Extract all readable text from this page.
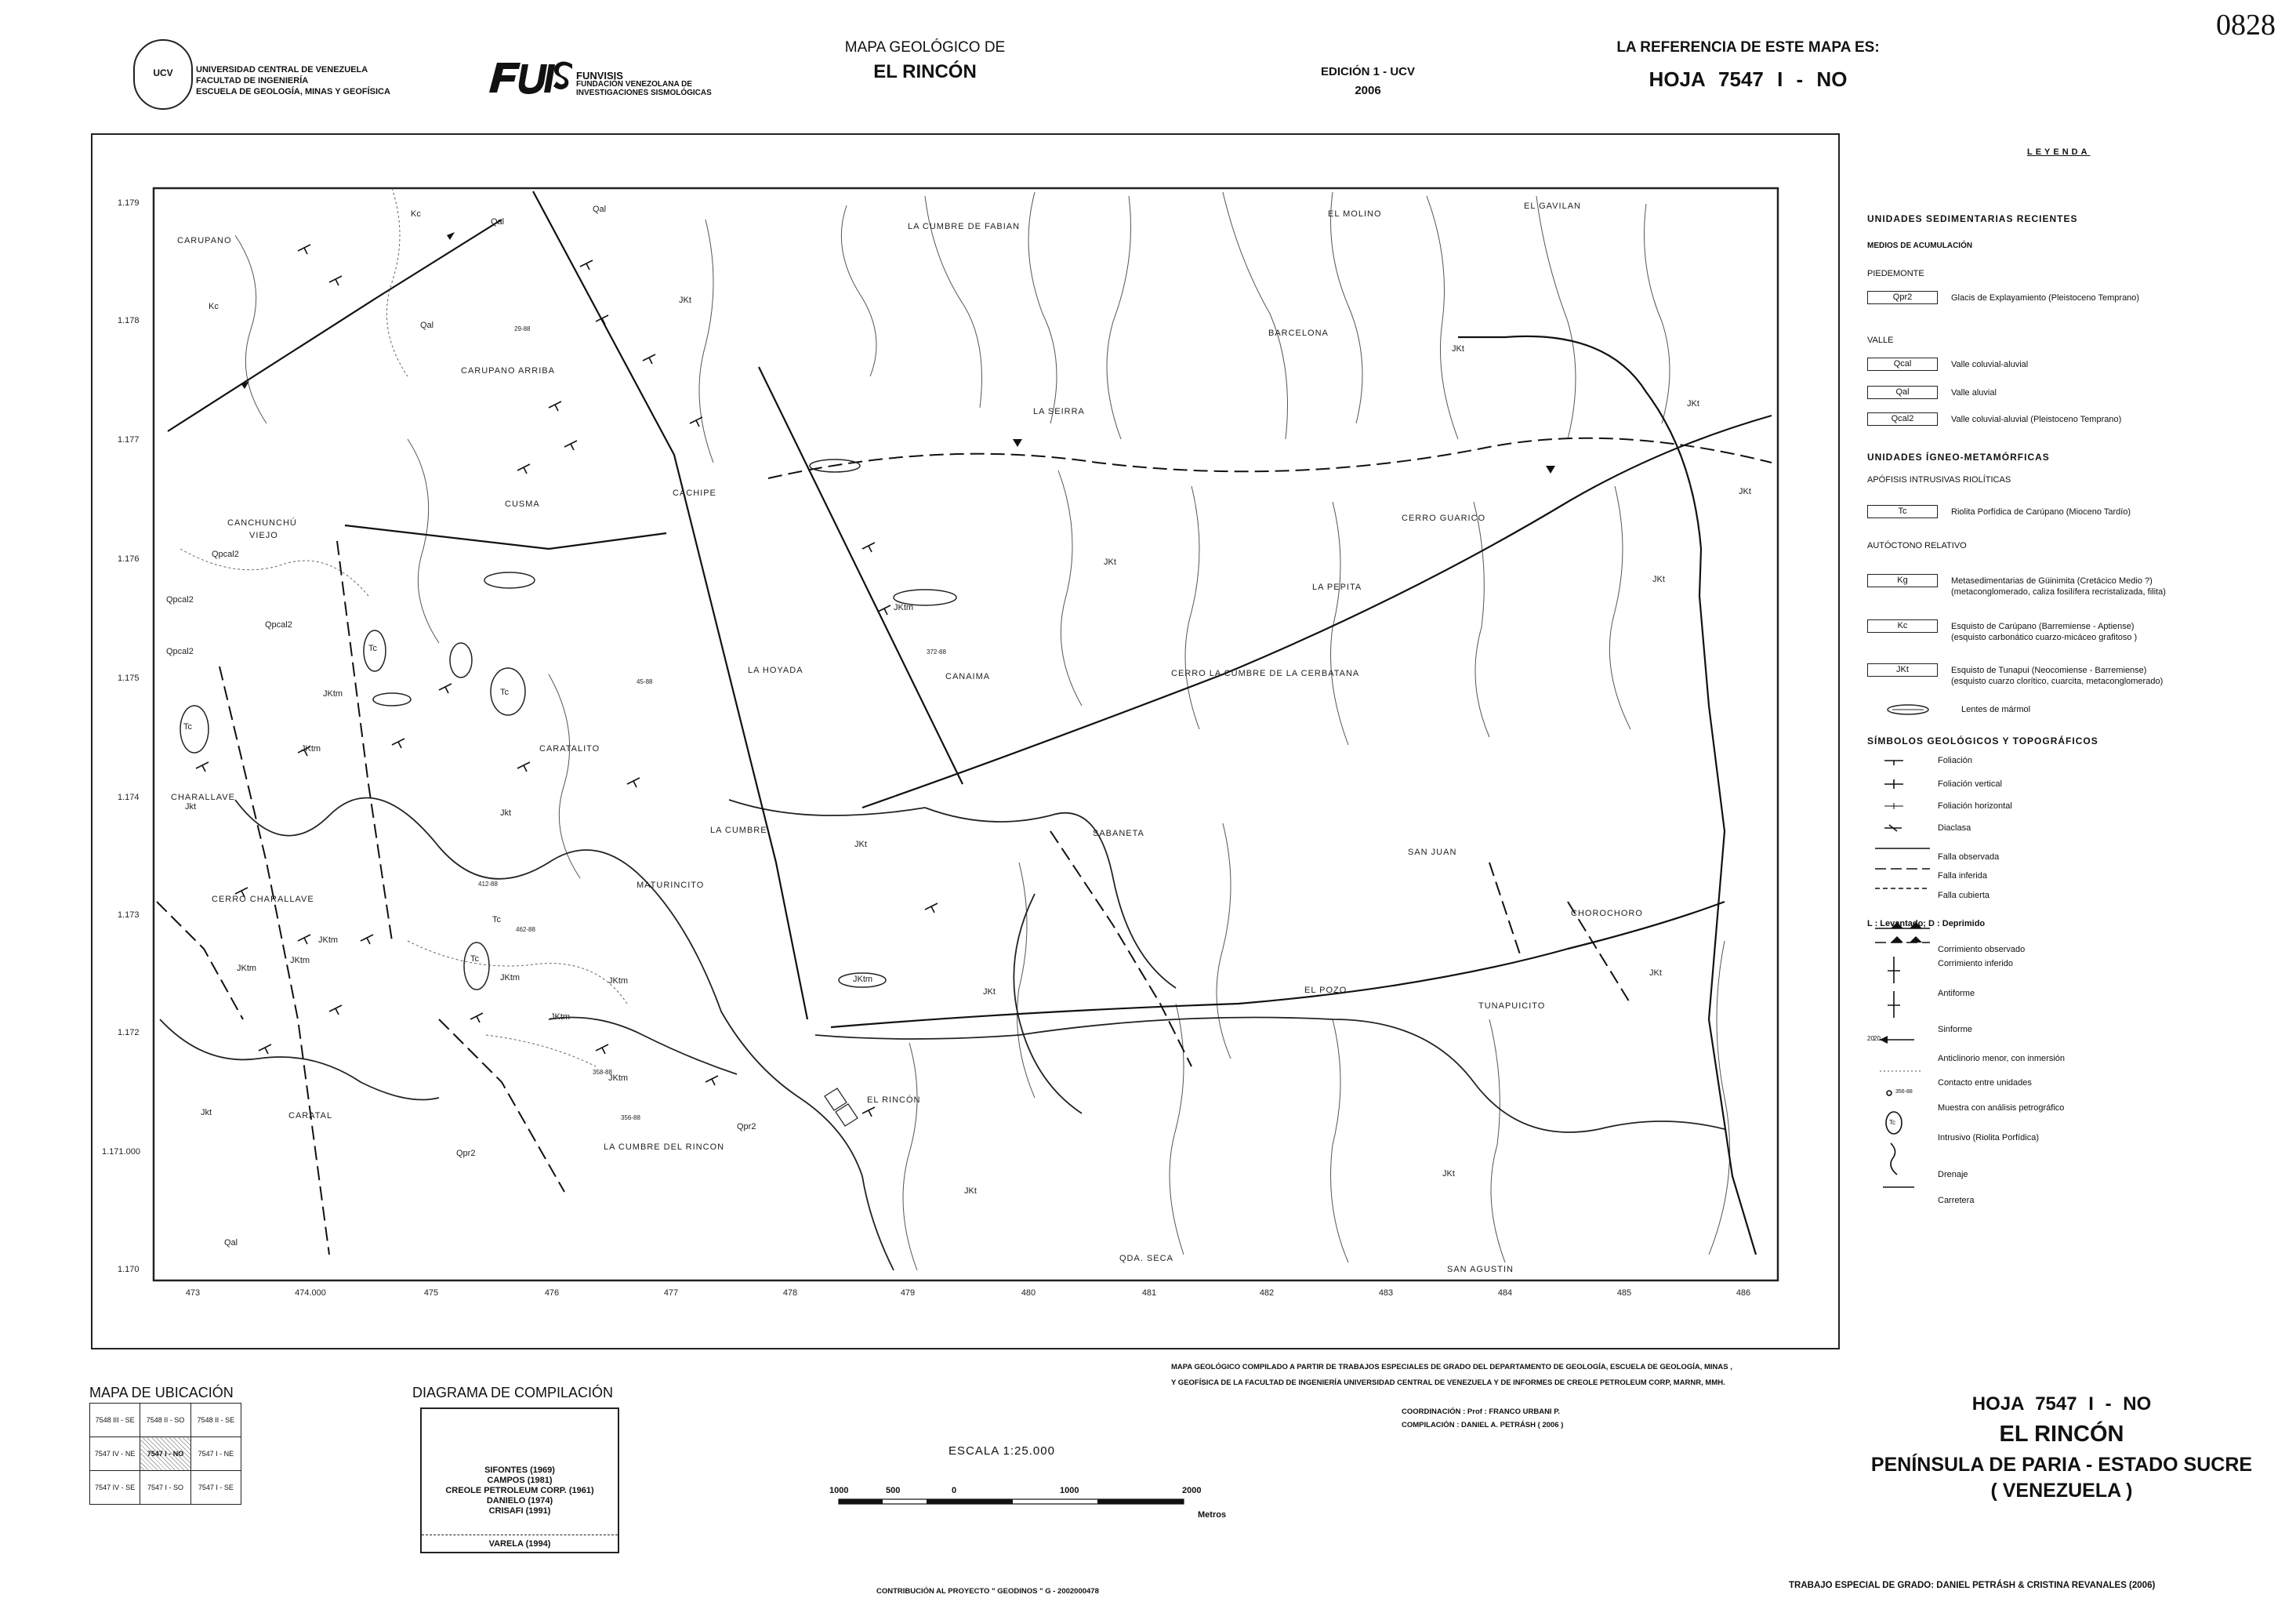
0828
UCV	UNIVERSIDAD CENTRAL DE VENEZUELA
FACULTAD DE INGENIERÍA
ESCUELA DE GEOLOGÍA, MINAS Y GEOFÍSICA
FUNVISIS
FUNDACIÓN VENEZOLANA DE
INVESTIGACIONES SISMOLÓGICAS
MAPA GEOLÓGICO DE
EL RINCÓN	EDICIÓN 1 - UCV
2006
LA REFERENCIA DE ESTE MAPA ES:
HOJA 7547 I - NO
1.179
1.178
1.177
1.176
1.175
1.174
1.173
1.172
1.171.000
1.170
473	474.000	475	476	477	478	479	480	481	482	483	484	485	486
CARUPANO
CARUPANO ARRIBA
LA CUMBRE DE FABIAN
EL MOLINO
EL GAVILAN
BARCELONA
LA SEIRRA
CACHIPE
CUSMA
CANCHUNCHÚ
VIEJO
CERRO GUARICO
LA PEPITA
LA HOYADA
CANAIMA	CERRO LA CUMBRE DE LA CERBATANA
CARATALITO
CHARALLAVE
LA CUMBRE	SABANETA
SAN JUAN
CERRO CHARALLAVE
MATURINCITO
CHOROCHORO
EL POZO
TUNAPUICITO
CARATAL
EL RINCÓN
LA CUMBRE DEL RINCON
QDA. SECA
SAN AGUSTIN
Kc
Qal
Qal
Kc
Qal
JKt
JKt
JKt
JKt
JKt
JKt
JKt
JKt
JKt
JKt
JKt
Jkt
Jkt
Jkt
Tc
Tc
Tc
Tc
Tc
Qpcal2
Qpcal2
Qpcal2
Qpcal2
Qpr2
Qpr2
JKtm
JKtm
JKtm
JKtm
JKtm
JKtm
JKtm
JKtm
JKtm
JKtm
JKtm
Qal
29-88
45-88
372-88
412-88
462-88
356-88
358-88
LEYENDA
UNIDADES SEDIMENTARIAS RECIENTES
MEDIOS DE ACUMULACIÓN
PIEDEMONTE
Qpr2	Glacis de Explayamiento (Pleistoceno Temprano)
VALLE
Qcal	Valle coluvial-aluvial
Qal	Valle aluvial
Qcal2	Valle coluvial-aluvial (Pleistoceno Temprano)
UNIDADES ÍGNEO-METAMÓRFICAS
APÓFISIS INTRUSIVAS RIOLÍTICAS
Tc	Riolita Porfídica de Carúpano (Mioceno Tardío)
AUTÓCTONO RELATIVO
Kg	Metasedimentarias de Güinimita (Cretácico Medio ?)
(metaconglomerado, caliza fosilífera recristalizada, filita)
Kc	Esquisto de Carúpano (Barremiense - Aptiense)
(esquisto carbonático cuarzo-micáceo grafitoso )
JKt	Esquisto de Tunapui (Neocomiense - Barremiense)
(esquisto cuarzo clorítico, cuarcita, metaconglomerado)
Lentes de mármol
SÍMBOLOS GEOLÓGICOS Y TOPOGRÁFICOS
20
20
356-88
Tc
Foliación
Foliación vertical
Foliación horizontal
Diaclasa
Falla observada
Falla inferida
Falla cubierta
L : Levantado; D : Deprimido
Corrimiento observado
Corrimiento inferido
Antiforme
Sinforme
Anticlinorio menor, con inmersión
Contacto entre unidades
Muestra con análisis petrográfico
Intrusivo (Riolita Porfídica)
Drenaje
Carretera
MAPA DE UBICACIÓN
7548 III - SE	7548 II - SO	7548 II - SE
7547 IV - NE	7547 I - NO	7547 I - NE
7547 IV - SE	7547 I - SO	7547 I - SE
DIAGRAMA DE COMPILACIÓN
SIFONTES (1969)
CAMPOS (1981)
CREOLE PETROLEUM CORP. (1961)
DANIELO (1974)
CRISAFI (1991)
VARELA (1994)
ESCALA 1:25.000
1000	500	0	1000	2000
Metros
MAPA GEOLÓGICO COMPILADO A PARTIR DE TRABAJOS ESPECIALES DE GRADO DEL DEPARTAMENTO DE GEOLOGÍA, ESCUELA DE GEOLOGÍA, MINAS ,
Y GEOFÍSICA DE LA FACULTAD DE INGENIERÍA UNIVERSIDAD CENTRAL DE VENEZUELA Y DE INFORMES DE CREOLE PETROLEUM CORP, MARNR, MMH.
COORDINACIÓN : Prof : FRANCO URBANI P.
COMPILACIÓN : DANIEL A. PETRÁSH ( 2006 )
CONTRIBUCIÓN AL PROYECTO " GEODINOS " G - 2002000478
TRABAJO ESPECIAL DE GRADO: DANIEL PETRÁSH & CRISTINA REVANALES (2006)
HOJA 7547 I - NO
EL RINCÓN
PENÍNSULA DE PARIA - ESTADO SUCRE
( VENEZUELA )
